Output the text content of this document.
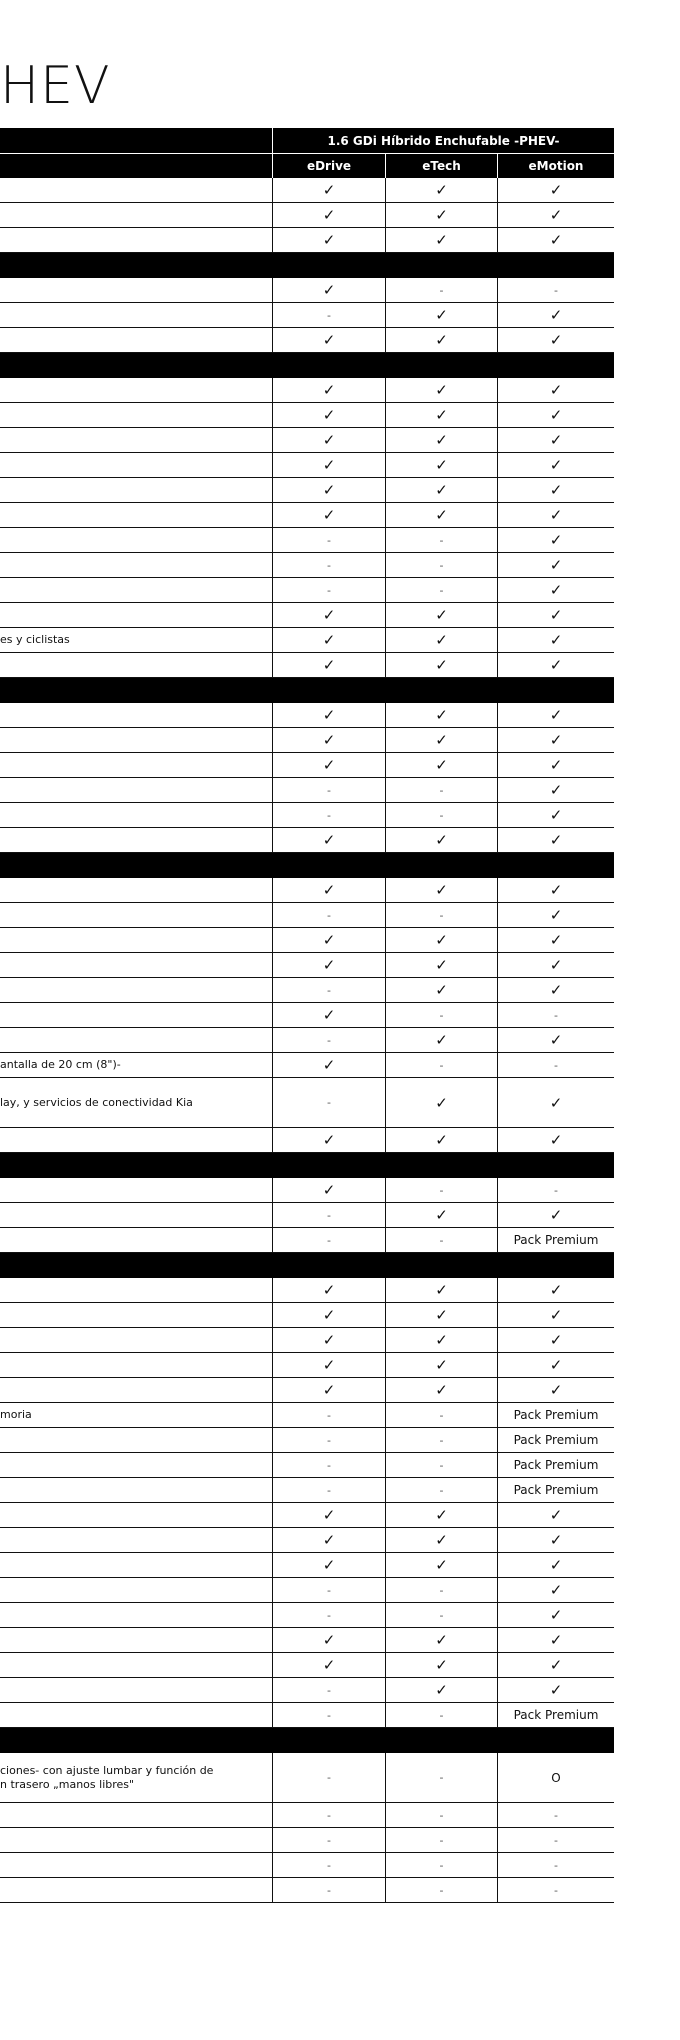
HEV
1.6 GDi Híbrido Enchufable -PHEV-
eDrive	eTech	eMotion
✓	✓	✓
✓	✓	✓
✓	✓	✓
✓	-	-
-	✓	✓
✓	✓	✓
✓	✓	✓
✓	✓	✓
✓	✓	✓
✓	✓	✓
✓	✓	✓
✓	✓	✓
-	-	✓
-	-	✓
-	-	✓
✓	✓	✓
es y ciclistas	✓	✓	✓
✓	✓	✓
✓	✓	✓
✓	✓	✓
✓	✓	✓
-	-	✓
-	-	✓
✓	✓	✓
✓	✓	✓
-	-	✓
✓	✓	✓
✓	✓	✓
-	✓	✓
✓	-	-
-	✓	✓
antalla de 20 cm (8")-	✓	-	-
lay, y servicios de conectividad Kia	-	✓	✓
✓	✓	✓
✓	-	-
-	✓	✓
-	-	Pack Premium
✓	✓	✓
✓	✓	✓
✓	✓	✓
✓	✓	✓
✓	✓	✓
moria	-	-	Pack Premium
-	-	Pack Premium
-	-	Pack Premium
-	-	Pack Premium
✓	✓	✓
✓	✓	✓
✓	✓	✓
-	-	✓
-	-	✓
✓	✓	✓
✓	✓	✓
-	✓	✓
-	-	Pack Premium
ciones- con ajuste lumbar y función de
n trasero „manos libres"	-	-	O
-	-	-
-	-	-
-	-	-
-	-	-
